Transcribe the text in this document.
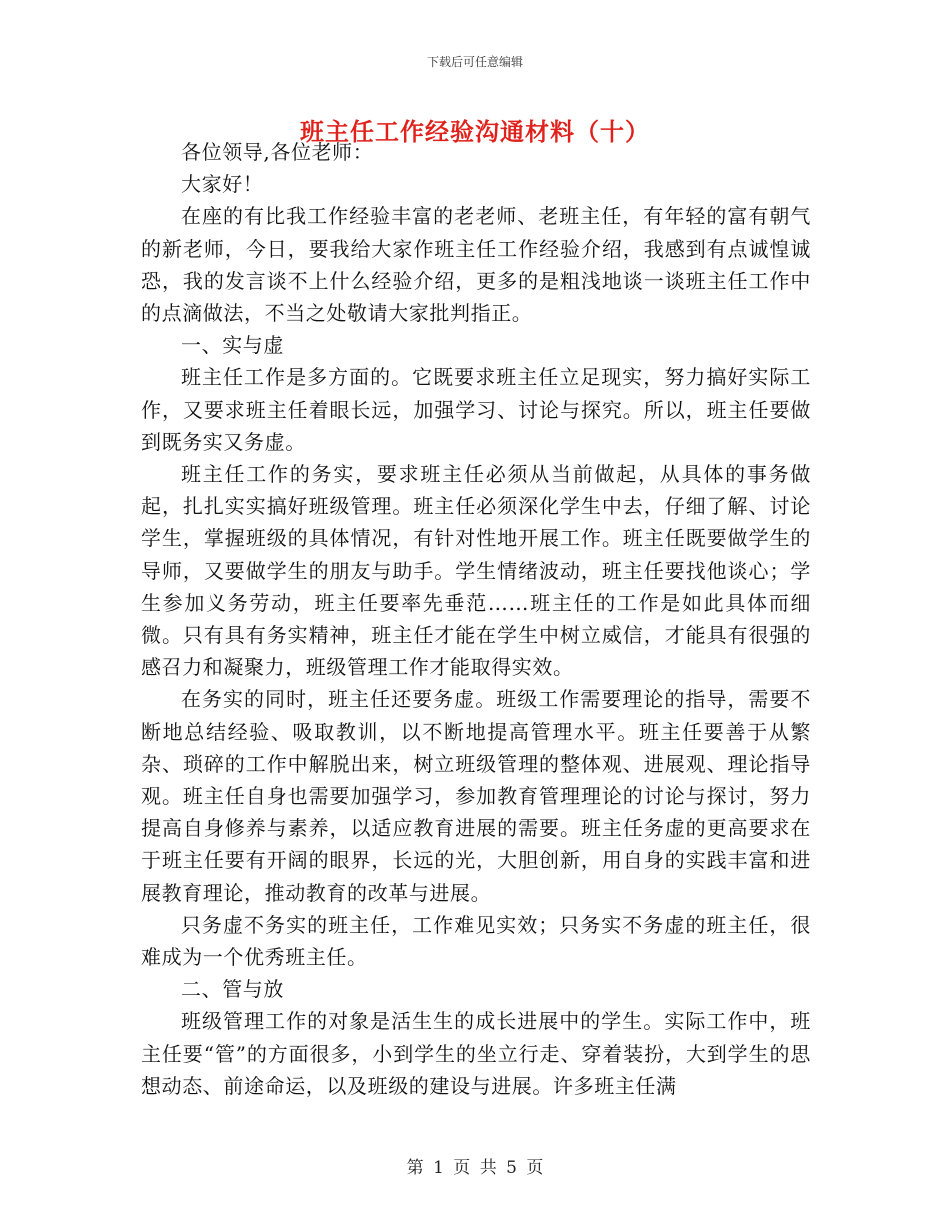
下载后可任意编辑
班主任工作经验沟通材料（十）

各位领导,各位老师：

大家好！

在座的有比我工作经验丰富的老老师、老班主任，有年轻的富有朝气的新老师，今日，要我给大家作班主任工作经验介绍，我感到有点诚惶诚恐，我的发言谈不上什么经验介绍，更多的是粗浅地谈一谈班主任工作中的点滴做法，不当之处敬请大家批判指正。

一、实与虚

班主任工作是多方面的。它既要求班主任立足现实，努力搞好实际工作，又要求班主任着眼长远，加强学习、讨论与探究。所以，班主任要做到既务实又务虚。

班主任工作的务实，要求班主任必须从当前做起，从具体的事务做起，扎扎实实搞好班级管理。班主任必须深化学生中去，仔细了解、讨论学生，掌握班级的具体情况，有针对性地开展工作。班主任既要做学生的导师，又要做学生的朋友与助手。学生情绪波动，班主任要找他谈心；学生参加义务劳动，班主任要率先垂范……班主任的工作是如此具体而细微。只有具有务实精神，班主任才能在学生中树立威信，才能具有很强的感召力和凝聚力，班级管理工作才能取得实效。

在务实的同时，班主任还要务虚。班级工作需要理论的指导，需要不断地总结经验、吸取教训，以不断地提高管理水平。班主任要善于从繁杂、琐碎的工作中解脱出来，树立班级管理的整体观、进展观、理论指导观。班主任自身也需要加强学习，参加教育管理理论的讨论与探讨，努力提高自身修养与素养，以适应教育进展的需要。班主任务虚的更高要求在于班主任要有开阔的眼界，长远的光，大胆创新，用自身的实践丰富和进展教育理论，推动教育的改革与进展。

只务虚不务实的班主任，工作难见实效；只务实不务虚的班主任，很难成为一个优秀班主任。

二、管与放

班级管理工作的对象是活生生的成长进展中的学生。实际工作中，班主任要“管”的方面很多，小到学生的坐立行走、穿着装扮，大到学生的思想动态、前途命运，以及班级的建设与进展。许多班主任满

第 1 页 共 5 页
